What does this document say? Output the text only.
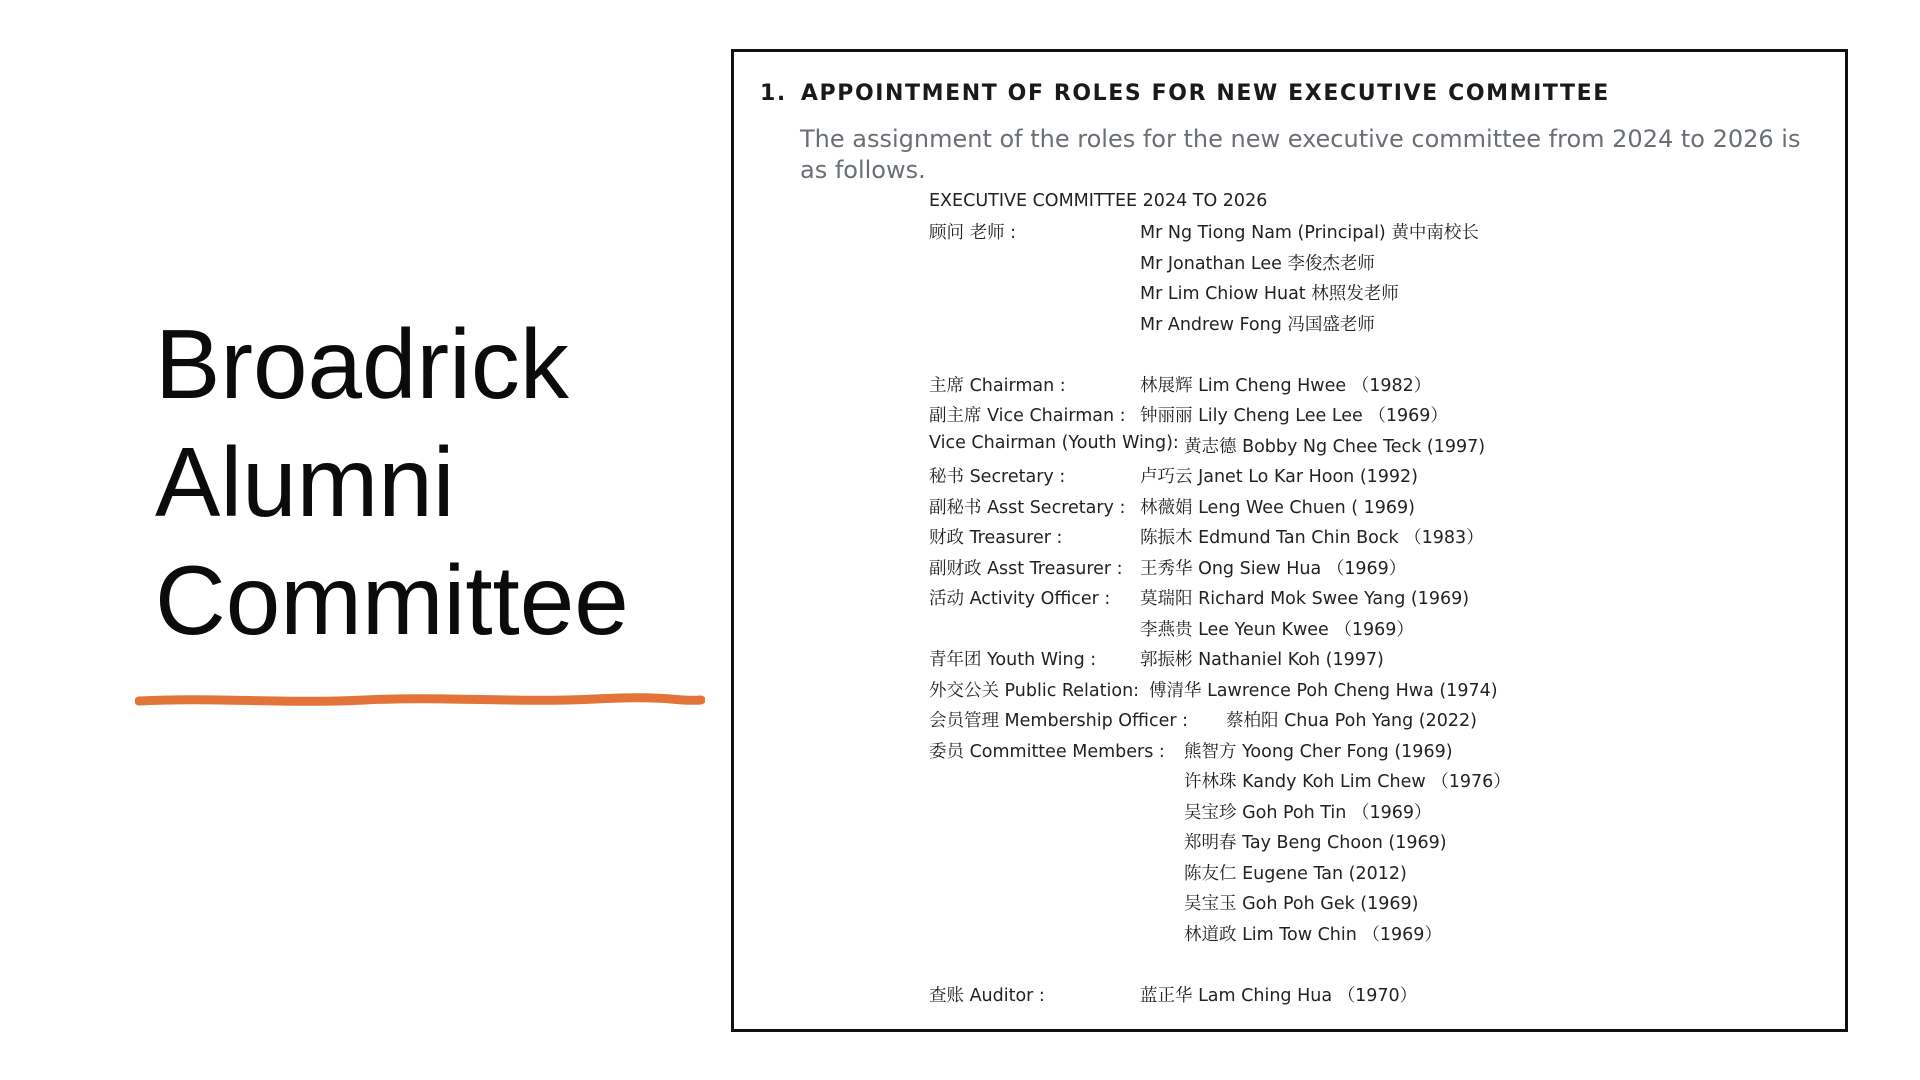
Broadrick
Alumni
Committee
1. APPOINTMENT OF ROLES FOR NEW EXECUTIVE COMMITTEE
The assignment of the roles for the new executive committee from 2024 to 2026 is as follows.
EXECUTIVE COMMITTEE 2024 TO 2026
顾问 老师 :	Mr Ng Tiong Nam (Principal) 黄中南校长
Mr Jonathan Lee 李俊杰老师
Mr Lim Chiow Huat 林照发老师
Mr Andrew Fong 冯国盛老师
主席 Chairman :	林展辉 Lim Cheng Hwee （1982）
副主席 Vice Chairman : 钟丽丽 Lily Cheng Lee Lee （1969）
Vice Chairman (Youth Wing): 黄志德 Bobby Ng Chee Teck (1997)
秘书 Secretary :	卢巧云 Janet Lo Kar Hoon (1992)
副秘书 Asst Secretary : 林薇娟 Leng Wee Chuen ( 1969)
财政 Treasurer :	陈振木 Edmund Tan Chin Bock （1983）
副财政 Asst Treasurer : 王秀华 Ong Siew Hua （1969）
活动 Activity Officer : 莫瑞阳 Richard Mok Swee Yang (1969)
李燕贵 Lee Yeun Kwee （1969）
青年团 Youth Wing :	郭振彬 Nathaniel Koh (1997)
外交公关 Public Relation: 傅清华 Lawrence Poh Cheng Hwa (1974)
会员管理 Membership Officer : 蔡柏阳 Chua Poh Yang (2022)
委员 Committee Members : 熊智方 Yoong Cher Fong (1969)
许林珠 Kandy Koh Lim Chew （1976）
吴宝珍 Goh Poh Tin （1969）
郑明春 Tay Beng Choon (1969)
陈友仁 Eugene Tan (2012)
吴宝玉 Goh Poh Gek (1969)
林道政 Lim Tow Chin （1969）
查账 Auditor :	蓝正华 Lam Ching Hua （1970）
